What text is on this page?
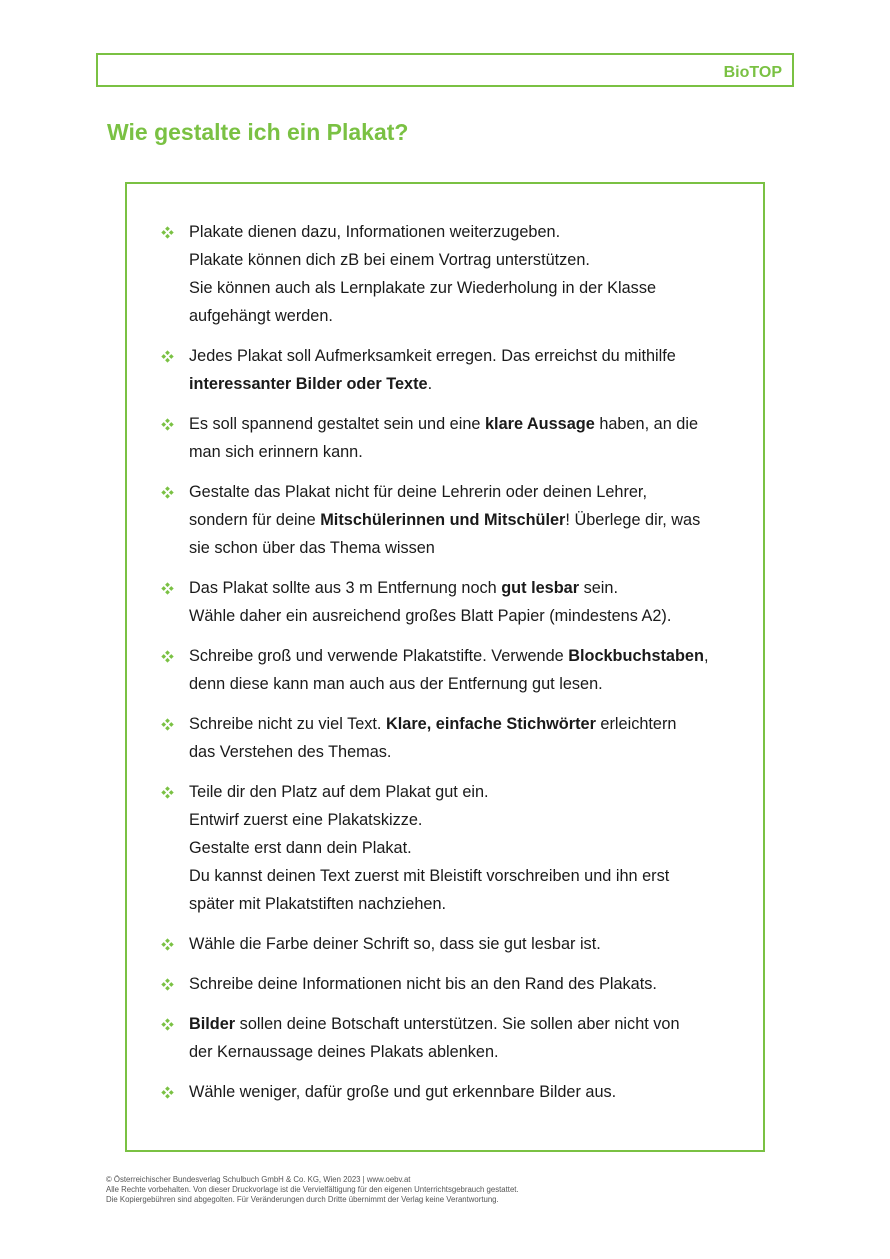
BioTOP
Wie gestalte ich ein Plakat?
Plakate dienen dazu, Informationen weiterzugeben.
Plakate können dich zB bei einem Vortrag unterstützen.
Sie können auch als Lernplakate zur Wiederholung in der Klasse
aufgehängt werden.
Jedes Plakat soll Aufmerksamkeit erregen. Das erreichst du mithilfe
interessanter Bilder oder Texte.
Es soll spannend gestaltet sein und eine klare Aussage haben, an die
man sich erinnern kann.
Gestalte das Plakat nicht für deine Lehrerin oder deinen Lehrer,
sondern für deine Mitschülerinnen und Mitschüler! Überlege dir, was
sie schon über das Thema wissen
Das Plakat sollte aus 3 m Entfernung noch gut lesbar sein.
Wähle daher ein ausreichend großes Blatt Papier (mindestens A2).
Schreibe groß und verwende Plakatstifte. Verwende Blockbuchstaben,
denn diese kann man auch aus der Entfernung gut lesen.
Schreibe nicht zu viel Text. Klare, einfache Stichwörter erleichtern
das Verstehen des Themas.
Teile dir den Platz auf dem Plakat gut ein.
Entwirf zuerst eine Plakatskizze.
Gestalte erst dann dein Plakat.
Du kannst deinen Text zuerst mit Bleistift vorschreiben und ihn erst
später mit Plakatstiften nachziehen.
Wähle die Farbe deiner Schrift so, dass sie gut lesbar ist.
Schreibe deine Informationen nicht bis an den Rand des Plakats.
Bilder sollen deine Botschaft unterstützen. Sie sollen aber nicht von
der Kernaussage deines Plakats ablenken.
Wähle weniger, dafür große und gut erkennbare Bilder aus.
© Österreichischer Bundesverlag Schulbuch GmbH & Co. KG, Wien 2023 | www.oebv.at
Alle Rechte vorbehalten. Von dieser Druckvorlage ist die Vervielfältigung für den eigenen Unterrichtsgebrauch gestattet.
Die Kopiergebühren sind abgegolten. Für Veränderungen durch Dritte übernimmt der Verlag keine Verantwortung.
